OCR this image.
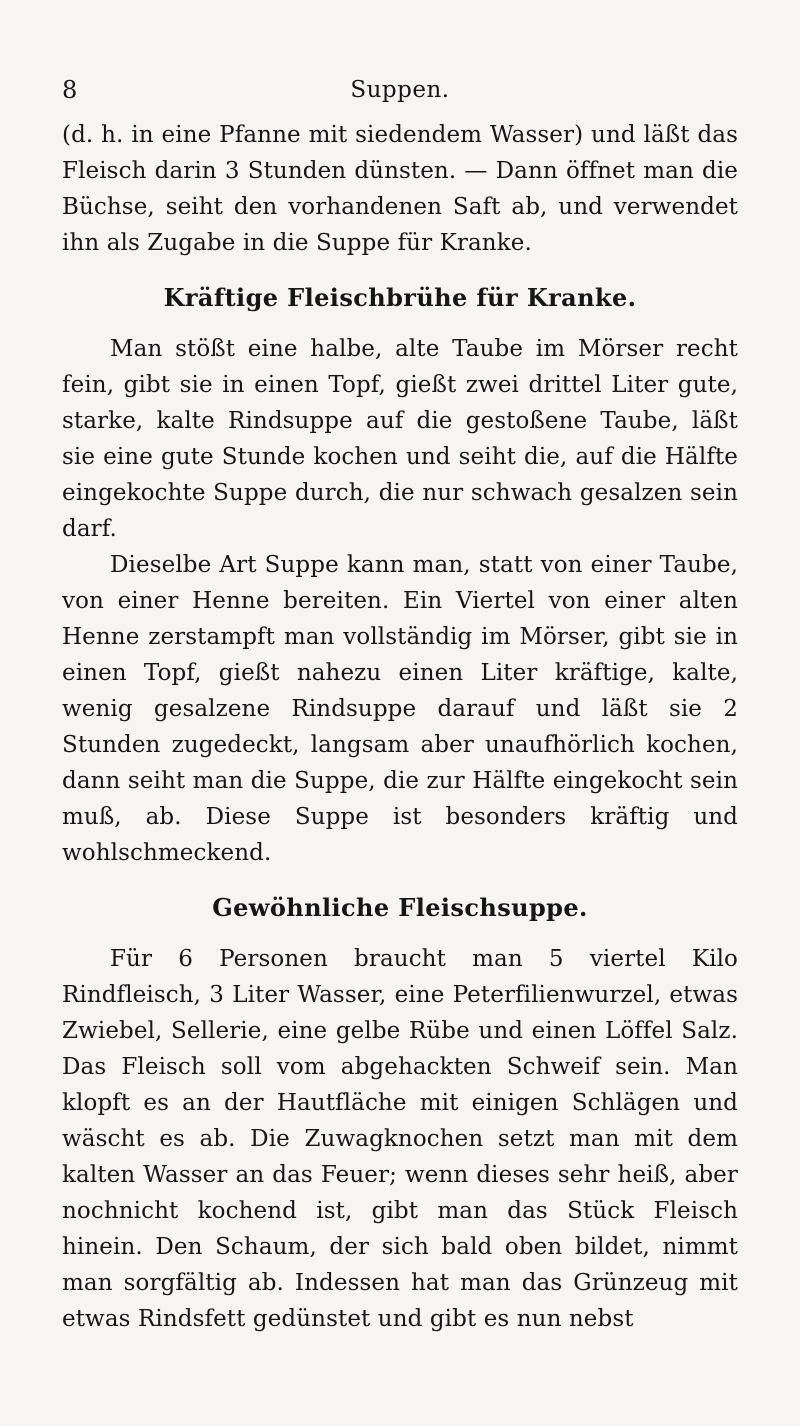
8	Suppen.

(d. h. in eine Pfanne mit siedendem Wasser) und läßt das Fleisch darin 3 Stunden dünsten. — Dann öffnet man die Büchse, seiht den vorhandenen Saft ab, und verwendet ihn als Zugabe in die Suppe für Kranke.

Kräftige Fleischbrühe für Kranke.

Man stößt eine halbe, alte Taube im Mörser recht fein, gibt sie in einen Topf, gießt zwei drittel Liter gute, starke, kalte Rindsuppe auf die gestoßene Taube, läßt sie eine gute Stunde kochen und seiht die, auf die Hälfte eingekochte Suppe durch, die nur schwach gesalzen sein darf.

Dieselbe Art Suppe kann man, statt von einer Taube, von einer Henne bereiten. Ein Viertel von einer alten Henne zerstampft man vollständig im Mörser, gibt sie in einen Topf, gießt nahezu einen Liter kräftige, kalte, wenig gesalzene Rindsuppe darauf und läßt sie 2 Stunden zugedeckt, langsam aber unaufhörlich kochen, dann seiht man die Suppe, die zur Hälfte eingekocht sein muß, ab. Diese Suppe ist besonders kräftig und wohlschmeckend.

Gewöhnliche Fleischsuppe.

Für 6 Personen braucht man 5 viertel Kilo Rindfleisch, 3 Liter Wasser, eine Peterfilienwurzel, etwas Zwiebel, Sellerie, eine gelbe Rübe und einen Löffel Salz. Das Fleisch soll vom abgehackten Schweif sein. Man klopft es an der Hautfläche mit einigen Schlägen und wäscht es ab. Die Zuwagknochen setzt man mit dem kalten Wasser an das Feuer; wenn dieses sehr heiß, aber nochnicht kochend ist, gibt man das Stück Fleisch hinein. Den Schaum, der sich bald oben bildet, nimmt man sorgfältig ab. Indessen hat man das Grünzeug mit etwas Rindsfett gedünstet und gibt es nun nebst
